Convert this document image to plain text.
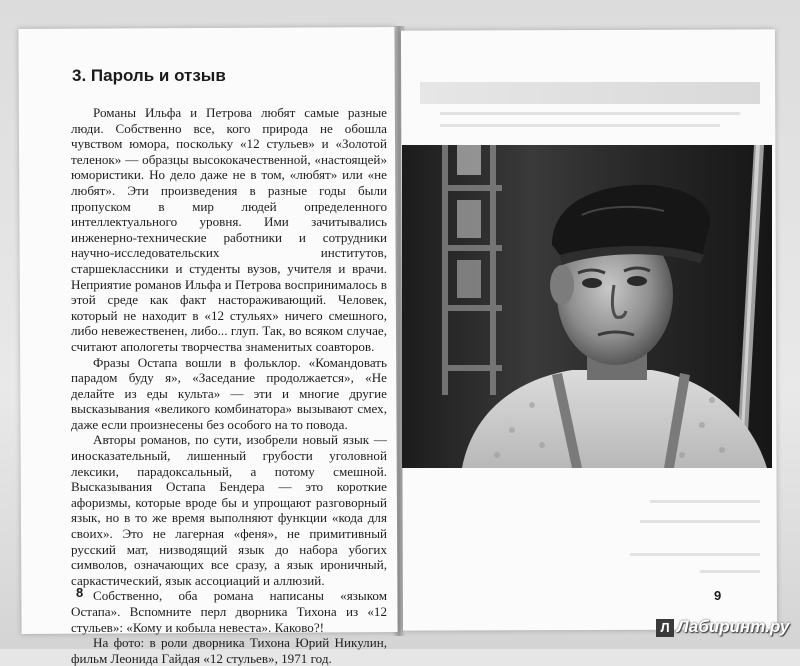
3. Пароль и отзыв

Романы Ильфа и Петрова любят самые разные люди. Собственно все, кого природа не обошла чувством юмора, поскольку «12 стульев» и «Золотой теленок» — образцы высококачественной, «настоящей» юмористики. Но дело даже не в том, «любят» или «не любят». Эти произведения в разные годы были пропуском в мир людей определенного интеллектуального уровня. Ими зачитывались инженерно-технические работники и сотрудники научно-исследовательских институтов, старшеклассники и студенты вузов, учителя и врачи. Неприятие романов Ильфа и Петрова воспринималось в этой среде как факт настораживающий. Человек, который не находит в «12 стульях» ничего смешного, либо невежественен, либо... глуп. Так, во всяком случае, считают апологеты творчества знаменитых соавторов.

Фразы Остапа вошли в фольклор. «Командовать парадом буду я», «Заседание продолжается», «Не делайте из еды культа» — эти и многие другие высказывания «великого комбинатора» вызывают смех, даже если произнесены без особого на то повода.

Авторы романов, по сути, изобрели новый язык — иносказательный, лишенный грубости уголовной лексики, парадоксальный, а потому смешной. Высказывания Остапа Бендера — это короткие афоризмы, которые вроде бы и упрощают разговорный язык, но в то же время выполняют функции «кода для своих». Это не лагерная «феня», не примитивный русский мат, низводящий язык до набора убогих символов, означающих все сразу, а язык ироничный, саркастический, язык ассоциаций и аллюзий.

Собственно, оба романа написаны «языком Остапа». Вспомните перл дворника Тихона из «12 стульев»: «Кому и кобыла невеста». Каково?!

На фото: в роли дворника Тихона Юрий Никулин, фильм Леонида Гайдая «12 стульев», 1971 год.

8	9
Л Лабиринт.ру
